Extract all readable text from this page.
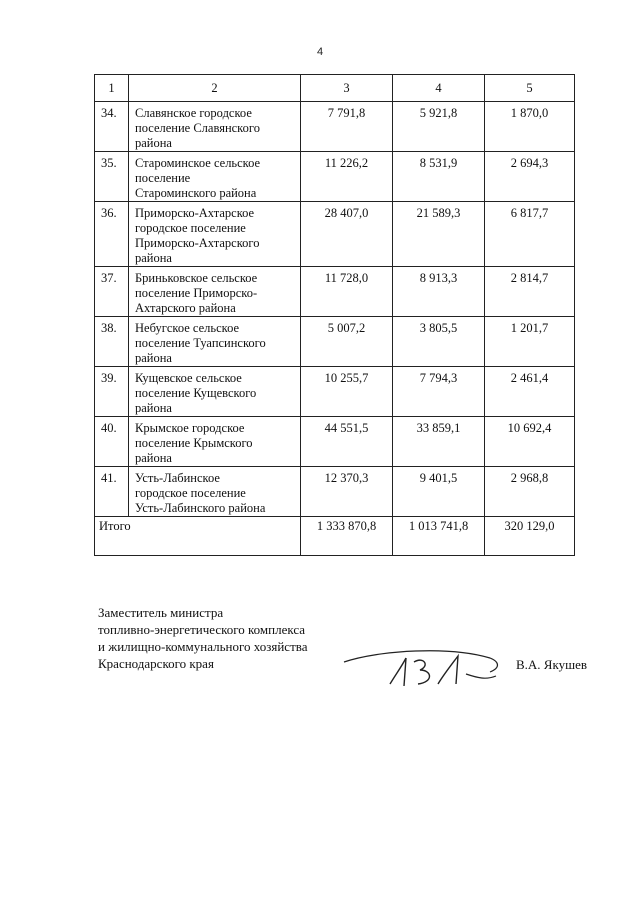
4
1	2	3	4	5
34.	Славянское городское
поселение Славянского
района	7 791,8	5 921,8	1 870,0
35.	Староминское сельское
поселение
Староминского района	11 226,2	8 531,9	2 694,3
36.	Приморско-Ахтарское
городское поселение
Приморско-Ахтарского
района	28 407,0	21 589,3	6 817,7
37.	Бриньковское сельское
поселение Приморско-
Ахтарского района	11 728,0	8 913,3	2 814,7
38.	Небугское сельское
поселение Туапсинского
района	5 007,2	3 805,5	1 201,7
39.	Кущевское сельское
поселение Кущевского
района	10 255,7	7 794,3	2 461,4
40.	Крымское городское
поселение Крымского
района	44 551,5	33 859,1	10 692,4
41.	Усть-Лабинское
городское поселение
Усть-Лабинского района	12 370,3	9 401,5	2 968,8
Итого		1 333 870,8	1 013 741,8	320 129,0
Заместитель министра
топливно-энергетического комплекса
и жилищно-коммунального хозяйства
Краснодарского края	В.А. Якушев
